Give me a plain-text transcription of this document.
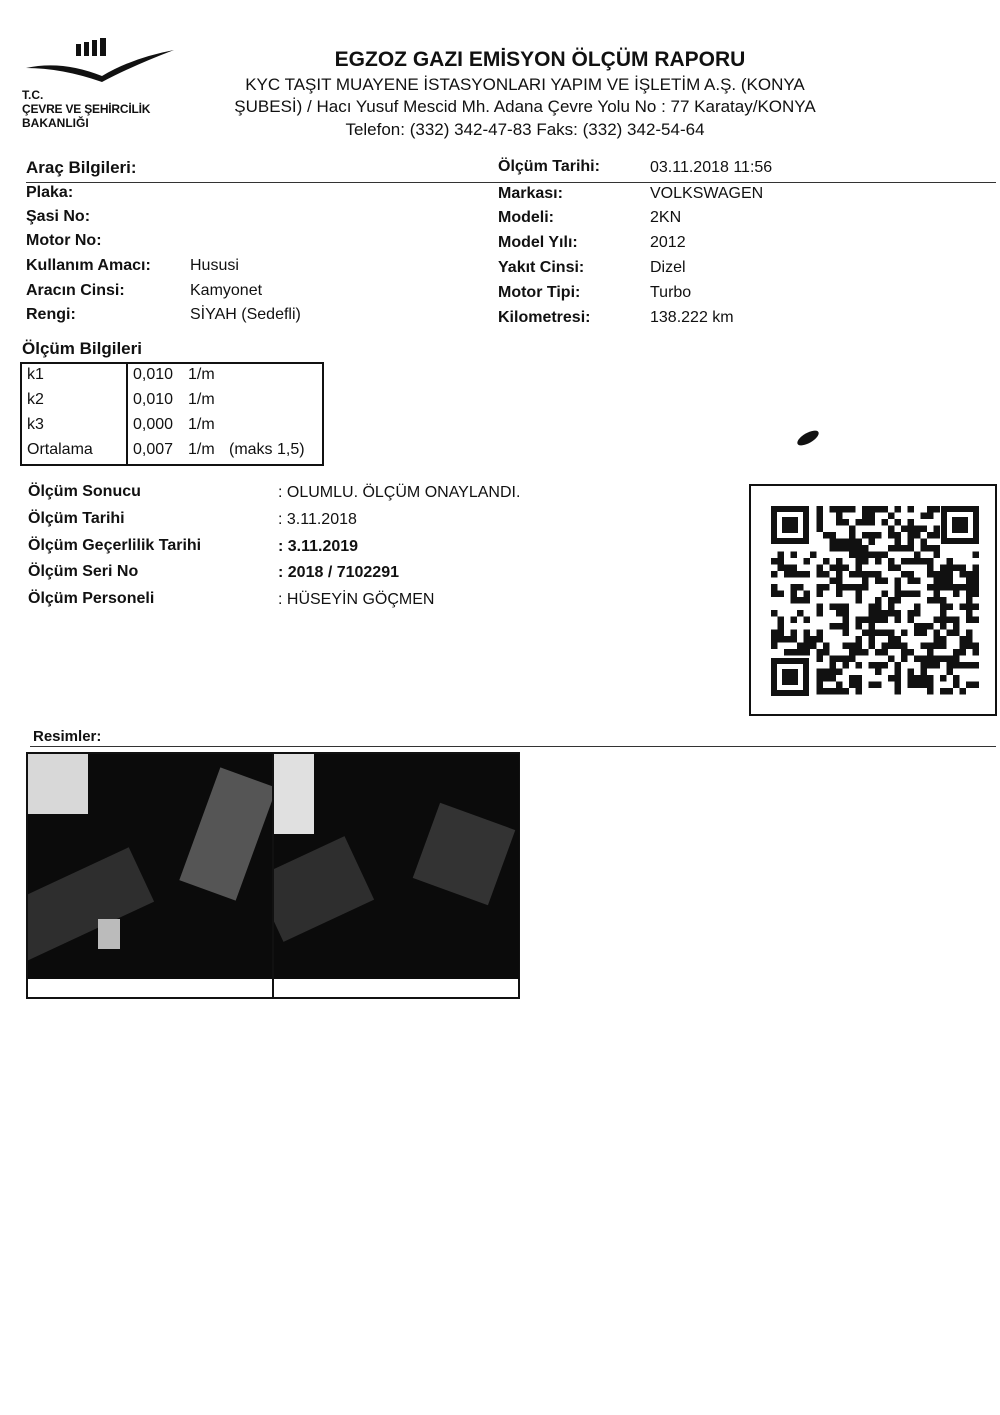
T.C.
ÇEVRE VE ŞEHİRCİLİK
BAKANLIĞI
EGZOZ GAZI EMİSYON ÖLÇÜM RAPORU
KYC TAŞIT MUAYENE İSTASYONLARI YAPIM VE İŞLETİM A.Ş. (KONYA
ŞUBESİ) / Hacı Yusuf Mescid Mh. Adana Çevre Yolu No : 77 Karatay/KONYA
Telefon: (332) 342-47-83 Faks: (332) 342-54-64
Araç Bilgileri:
Plaka:
Şasi No:
Motor No:
Kullanım Amacı: Hususi
Aracın Cinsi:	Kamyonet
Rengi:	SİYAH (Sedefli)
Ölçüm Tarihi:	03.11.2018 11:56
Markası:	VOLKSWAGEN
Modeli:	2KN
Model Yılı:	2012
Yakıt Cinsi:	Dizel
Motor Tipi:	Turbo
Kilometresi:	138.222 km
Ölçüm Bilgileri
k1	0,010 1/m
k2	0,010 1/m
k3	0,000 1/m
Ortalama	0,007 1/m (maks 1,5)
Ölçüm Sonucu	: OLUMLU. ÖLÇÜM ONAYLANDI.
Ölçüm Tarihi	: 3.11.2018
Ölçüm Geçerlilik Tarihi	: 3.11.2019
Ölçüm Seri No	: 2018 / 7102291
Ölçüm Personeli	: HÜSEYİN GÖÇMEN
Resimler:
